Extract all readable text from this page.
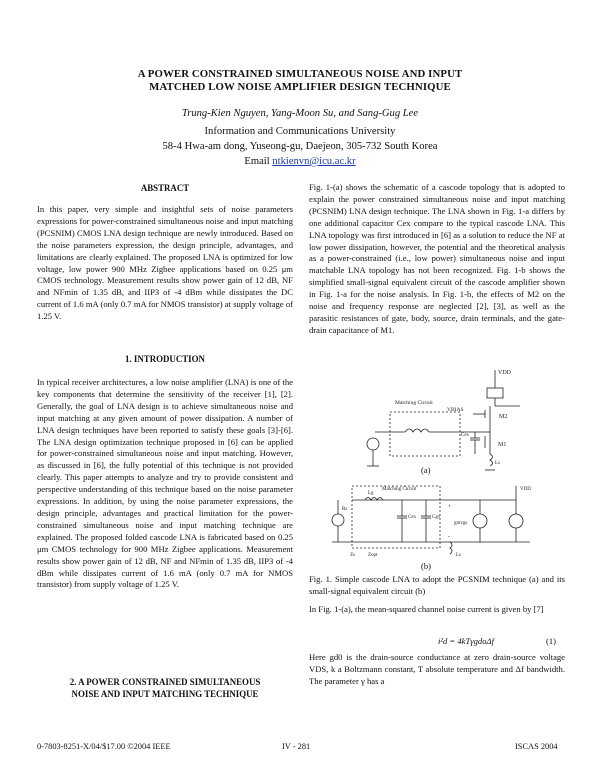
A POWER CONSTRAINED SIMULTANEOUS NOISE AND INPUT
MATCHED LOW NOISE AMPLIFIER DESIGN TECHNIQUE
Trung-Kien Nguyen, Yang-Moon Su, and Sang-Gug Lee
Information and Communications University
58-4 Hwa-am dong, Yuseong-gu, Daejeon, 305-732 South Korea
Email ntkienvn@icu.ac.kr
ABSTRACT

In this paper, very simple and insightful sets of noise parameters expressions for power-constrained simultaneous noise and input matching (PCSNIM) CMOS LNA design technique are newly introduced. Based on the noise parameters expression, the design principle, advantages, and limitations are clearly explained. The proposed LNA is optimized for low voltage, low power 900 MHz Zigbee applications based on 0.25 μm CMOS technology. Measurement results show power gain of 12 dB, NF and NFmin of 1.35 dB, and IIP3 of -4 dBm while dissipates the DC current of 1.6 mA (only 0.7 mA for NMOS transistor) at supply voltage of 1.25 V.

1. INTRODUCTION

In typical receiver architectures, a low noise amplifier (LNA) is one of the key components that determine the sensitivity of the receiver [1], [2]. Generally, the goal of LNA design is to achieve simultaneous noise and input matching at any given amount of power dissipation. A number of LNA design techniques have been reported to satisfy these goals [3]-[6]. The LNA design optimization technique proposed in [6] can be applied for power-constrained simultaneous noise and input matching. However, as discussed in [6], the fully potential of this technique is not provided clearly. This paper attempts to analyze and try to provide consistent and perspective understanding of this technique based on the noise parameter expressions. In addition, by using the noise parameter expressions, the design principle, advantages and practical limitation for the power-constrained simultaneous noise and input matching technique are explained. The proposed folded cascode LNA is fabricated based on 0.25 μm CMOS technology for 900 MHz Zigbee applications. Measurement results show power gain of 12 dB, NF and NFmin of 1.35 dB, IIP3 of -4 dBm while dissipates current of 1.6 mA (only 0.7 mA for NMOS transistor) from supply voltage of 1.25 V.

2. A POWER CONSTRAINED SIMULTANEOUS
NOISE AND INPUT MATCHING TECHNIQUE

Fig. 1-(a) shows the schematic of a cascode topology that is adopted to explain the power constrained simultaneous noise and input matching (PCSNIM) LNA design technique. The LNA shown in Fig. 1-a differs by one additional capacitor Cex compare to the typical cascode LNA. This LNA topology was first introduced in [6] as a solution to reduce the NF at low power dissipation, however, the potential and the theoretical analysis as a power-constrained (i.e., low power) simultaneous noise and input matchable LNA topology has not been recognized. Fig. 1-b shows the simplified small-signal equivalent circuit of the cascode amplifier shown in Fig. 1-a for the noise analysis. In Fig. 1-b, the effects of M2 on the noise and frequency response are neglected [2], [3], as well as the parasitic resistances of gate, body, source, drain terminals, and the gate-drain capacitance of M1.

VDD
VBIAS
M2
M1
Cex
Matching Circuit
Ls
(a)
Matching Circuit
Rs
Lg
Cex	Cgs
+
-
gmvgs
VDD
Ls
Zs	Zopt
(b)
Fig. 1. Simple cascode LNA to adopt the PCSNIM technique (a) and its small-signal equivalent circuit (b)

In Fig. 1-(a), the mean-squared channel noise current is given by [7]

i²d = 4kTγgdoΔf	(1)

Here gd0 is the drain-source conductance at zero drain-source voltage VDS, k a Boltzmann constant, T absolute temperature and Δf bandwidth. The parameter γ has a

0-7803-8251-X/04/$17.00 ©2004 IEEE	IV - 281	ISCAS 2004
